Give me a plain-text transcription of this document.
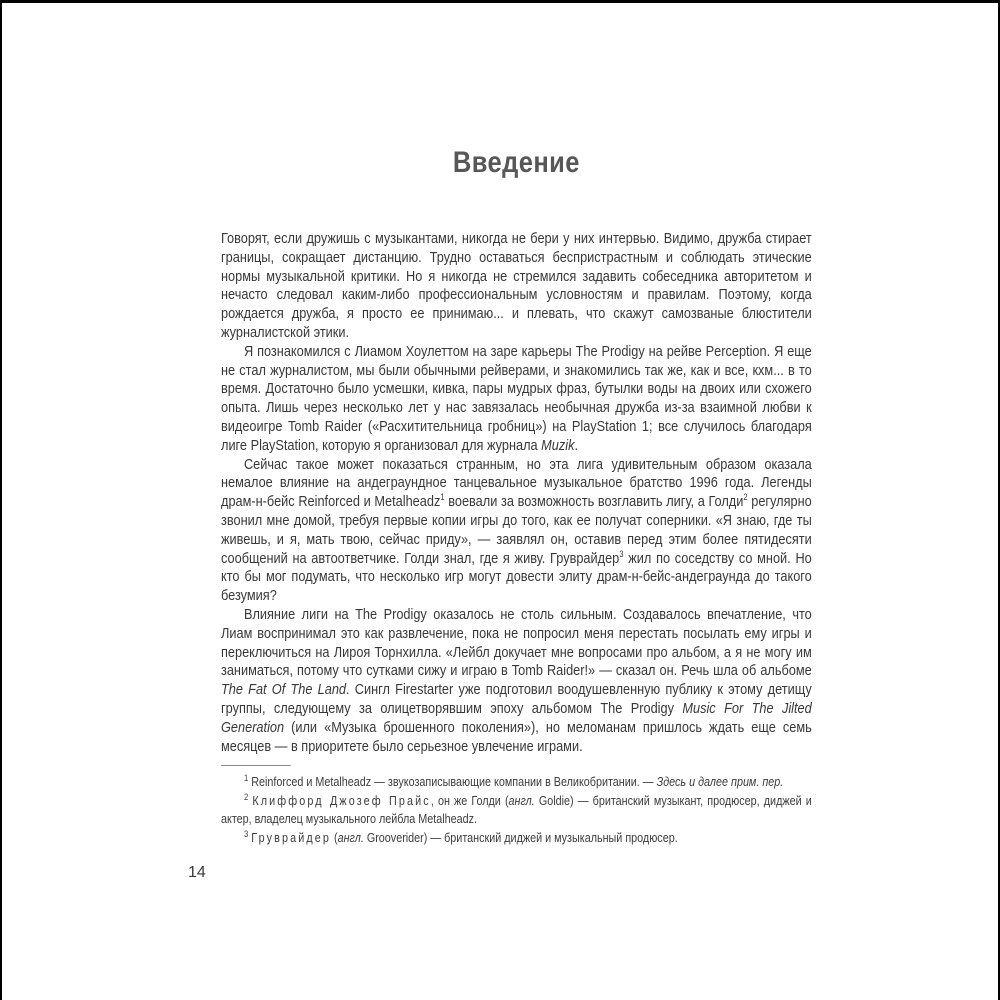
Введение

Говорят, если дружишь с музыкантами, никогда не бери у них интервью. Видимо, дружба стирает границы, сокращает дистанцию. Трудно оставаться беспристрастным и соблюдать этические нормы музыкальной критики. Но я никогда не стремился задавить собеседника авторитетом и нечасто следовал каким-либо профессиональным условностям и правилам. Поэтому, когда рождается дружба, я просто ее принимаю... и плевать, что скажут самозваные блюстители журналистской этики.

Я познакомился с Лиамом Хоулеттом на заре карьеры The Prodigy на рейве Perception. Я еще не стал журналистом, мы были обычными рейверами, и знакомились так же, как и все, кхм... в то время. Достаточно было усмешки, кивка, пары мудрых фраз, бутылки воды на двоих или схожего опыта. Лишь через несколько лет у нас завязалась необычная дружба из-за взаимной любви к видеоигре Tomb Raider («Расхитительница гробниц») на PlayStation 1; все случилось благодаря лиге PlayStation, которую я организовал для журнала Muzik.

Сейчас такое может показаться странным, но эта лига удивительным образом оказала немалое влияние на андеграундное танцевальное музыкальное братство 1996 года. Легенды драм-н-бейс Reinforced и Metalheadz$^1$ воевали за возможность возглавить лигу, а Голди$^2$ регулярно звонил мне домой, требуя первые копии игры до того, как ее получат соперники. «Я знаю, где ты живешь, и я, мать твою, сейчас приду», — заявлял он, оставив перед этим более пятидесяти сообщений на автоответчике. Голди знал, где я живу. Груврайдер$^3$ жил по соседству со мной. Но кто бы мог подумать, что несколько игр могут довести элиту драм-н-бейс-андеграунда до такого безумия?

Влияние лиги на The Prodigy оказалось не столь сильным. Создавалось впечатление, что Лиам воспринимал это как развлечение, пока не попросил меня перестать посылать ему игры и переключиться на Лироя Торнхилла. «Лейбл докучает мне вопросами про альбом, а я не могу им заниматься, потому что сутками сижу и играю в Tomb Raider!» — сказал он. Речь шла об альбоме The Fat Of The Land. Сингл Firestarter уже подготовил воодушевленную публику к этому детищу группы, следующему за олицетворявшим эпоху альбомом The Prodigy Music For The Jilted Generation (или «Музыка брошенного поколения»), но меломанам пришлось ждать еще семь месяцев — в приоритете было серьезное увлечение играми.

$^1$ Reinforced и Metalheadz — звукозаписывающие компании в Великобритании. — Здесь и далее прим. пер.

$^2$ Клиффорд Джозеф Прайс, он же Голди (англ. Goldie) — британский музыкант, продюсер, диджей и актер, владелец музыкального лейбла Metalheadz.

$^3$ Груврайдер (англ. Grooverider) — британский диджей и музыкальный продюсер.

14
